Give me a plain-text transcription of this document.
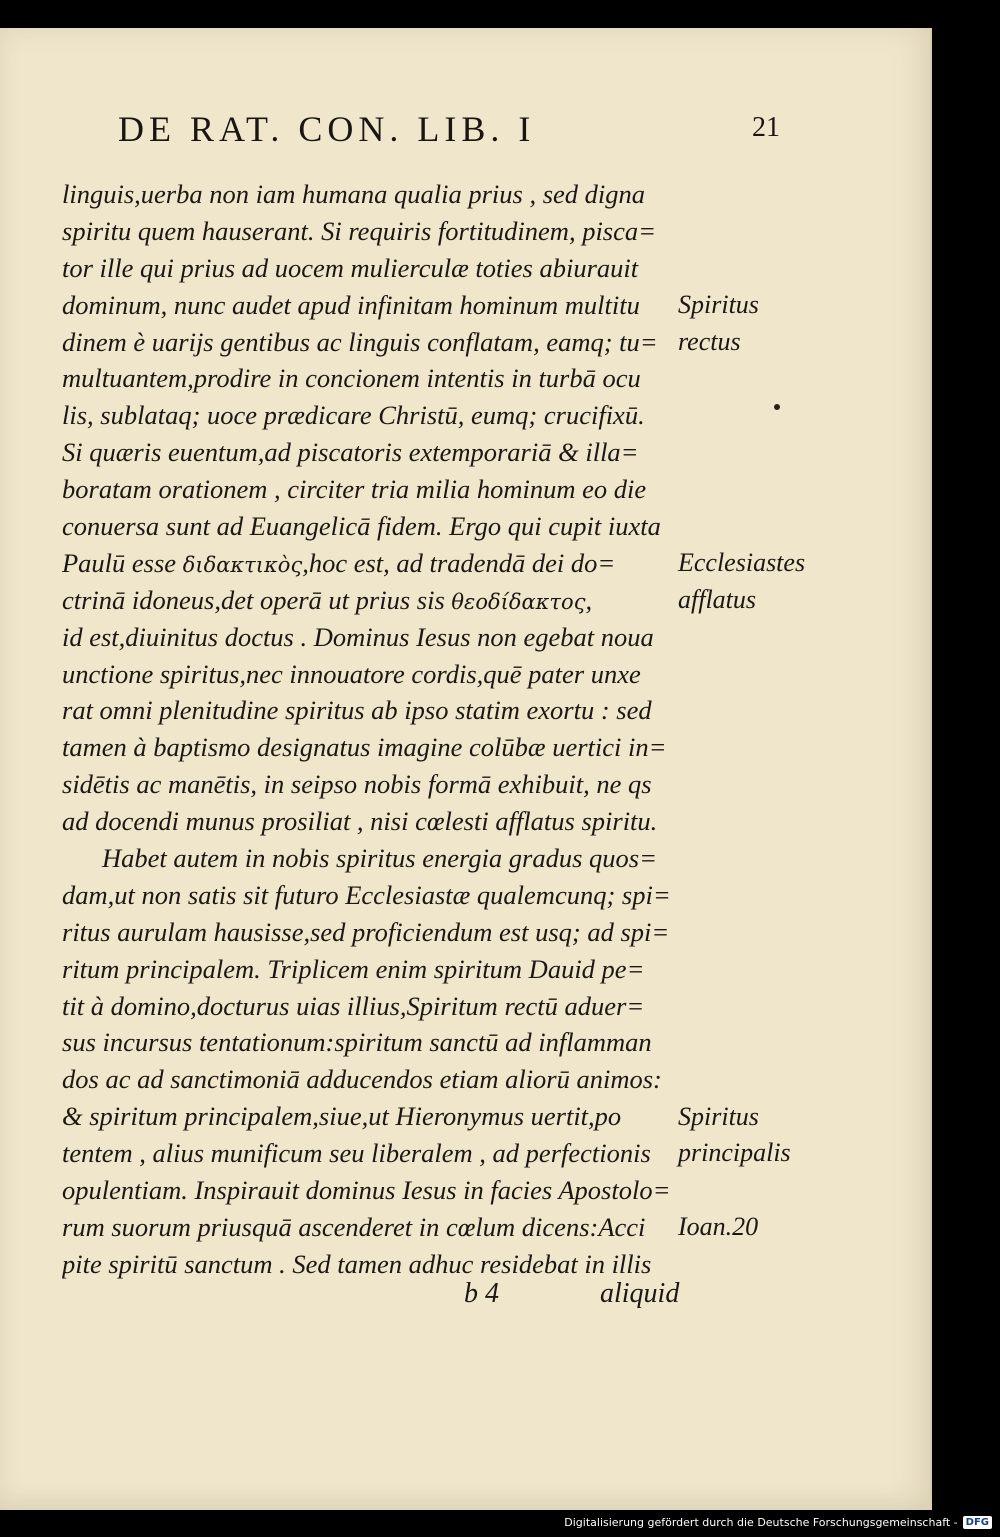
DE RAT. CON. LIB. I	21
linguis,uerba non iam humana qualia prius , sed digna
spiritu quem hauserant. Si requiris fortitudinem, pisca=
tor ille qui prius ad uocem mulierculæ toties abiurauit
dominum, nunc audet apud infinitam hominum multitu
dinem è uarijs gentibus ac linguis conflatam, eamq; tu=
multuantem,prodire in concionem intentis in turbā ocu
lis, sublataq; uoce prædicare Christū, eumq; crucifixū.
Si quæris euentum,ad piscatoris extemporariā & illa=
boratam orationem , circiter tria milia hominum eo die
conuersa sunt ad Euangelicā fidem. Ergo qui cupit iuxta
Paulū esse διδακτικὸς,hoc est, ad tradendā dei do=
ctrinā idoneus,det operā ut prius sis θεοδίδακτος,
id est,diuinitus doctus . Dominus Iesus non egebat noua
unctione spiritus,nec innouatore cordis,quē pater unxe
rat omni plenitudine spiritus ab ipso statim exortu : sed
tamen à baptismo designatus imagine colūbæ uertici in=
sidētis ac manētis, in seipso nobis formā exhibuit, ne qs
ad docendi munus prosiliat , nisi cœlesti afflatus spiritu.
Habet autem in nobis spiritus energia gradus quos=
dam,ut non satis sit futuro Ecclesiastæ qualemcunq; spi=
ritus aurulam hausisse,sed proficiendum est usq; ad spi=
ritum principalem. Triplicem enim spiritum Dauid pe=
tit à domino,docturus uias illius,Spiritum rectū aduer=
sus incursus tentationum:spiritum sanctū ad inflamman
dos ac ad sanctimoniā adducendos etiam aliorū animos:
& spiritum principalem,siue,ut Hieronymus uertit,po
tentem , alius munificum seu liberalem , ad perfectionis
opulentiam. Inspirauit dominus Iesus in facies Apostolo=
rum suorum priusquā ascenderet in cœlum dicens:Acci
pite spiritū sanctum . Sed tamen adhuc residebat in illis
Spiritus
rectus
Ecclesiastes
afflatus
Spiritus
principalis
Ioan.20
b 4	aliquid
Digitalisierung gefördert durch die Deutsche Forschungsgemeinschaft - DFG
